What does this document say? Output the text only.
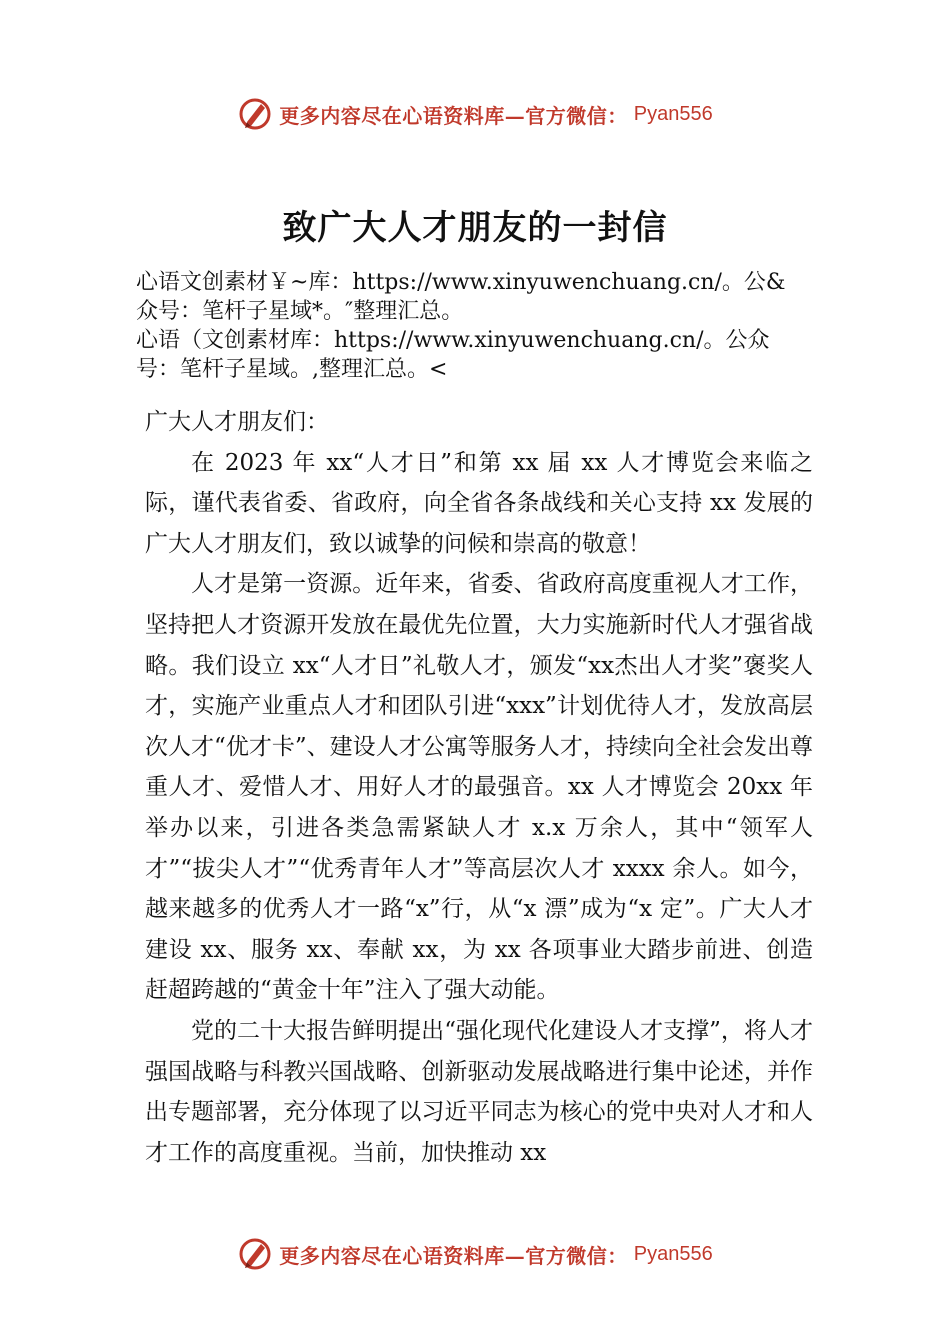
更多内容尽在心语资料库—官方微信： Pyan556
致广大人才朋友的一封信
心语文创素材￥~库：https://www.xinyuwenchuang.cn/。公&
众号：笔杆子星域*。″整理汇总。
心语（文创素材库：https://www.xinyuwenchuang.cn/。公众
号：笔杆子星域。,整理汇总。<

广大人才朋友们：

在 2023 年 xx“人才日”和第 xx 届 xx 人才博览会来临之际，谨代表省委、省政府，向全省各条战线和关心支持 xx 发展的广大人才朋友们，致以诚挚的问候和崇高的敬意！

人才是第一资源。近年来，省委、省政府高度重视人才工作，坚持把人才资源开发放在最优先位置，大力实施新时代人才强省战略。我们设立 xx“人才日”礼敬人才，颁发“xx杰出人才奖”褒奖人才，实施产业重点人才和团队引进“xxx”计划优待人才，发放高层次人才“优才卡”、建设人才公寓等服务人才，持续向全社会发出尊重人才、爱惜人才、用好人才的最强音。xx 人才博览会 20xx 年举办以来，引进各类急需紧缺人才 x.x 万余人，其中“领军人才”“拔尖人才”“优秀青年人才”等高层次人才 xxxx 余人。如今，越来越多的优秀人才一路“x”行，从“x 漂”成为“x 定”。广大人才建设 xx、服务 xx、奉献 xx，为 xx 各项事业大踏步前进、创造赶超跨越的“黄金十年”注入了强大动能。

党的二十大报告鲜明提出“强化现代化建设人才支撑”，将人才强国战略与科教兴国战略、创新驱动发展战略进行集中论述，并作出专题部署，充分体现了以习近平同志为核心的党中央对人才和人才工作的高度重视。当前，加快推动 xx

更多内容尽在心语资料库—官方微信： Pyan556
